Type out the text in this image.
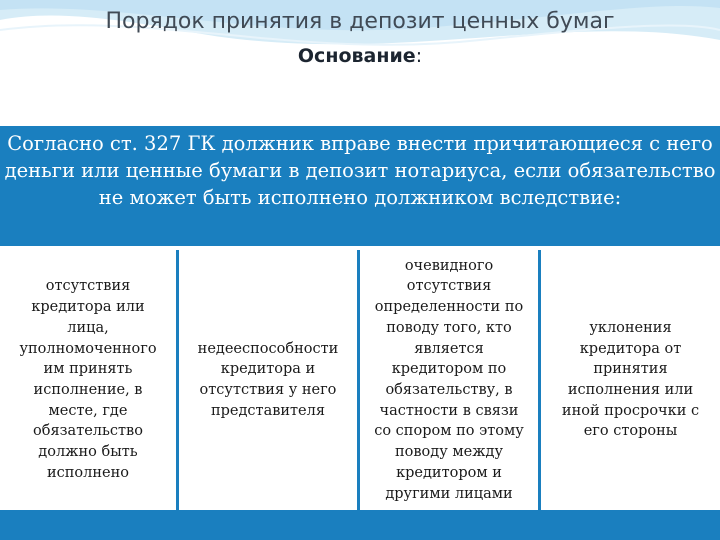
Порядок принятия в депозит ценных бумаг
Основание:
Согласно ст. 327 ГК должник вправе внести причитающиеся с него деньги или ценные бумаги в депозит нотариуса, если обязательство не может быть исполнено должником вследствие:
отсутствия
кредитора или
лица,
уполномоченного
им принять
исполнение, в
месте, где
обязательство
должно быть
исполнено
недееспособности
кредитора и
отсутствия у него
представителя
очевидного
отсутствия
определенности по
поводу того, кто
является
кредитором по
обязательству, в
частности в связи
со спором по этому
поводу между
кредитором и
другими лицами
уклонения
кредитора от
принятия
исполнения или
иной просрочки с
его стороны
